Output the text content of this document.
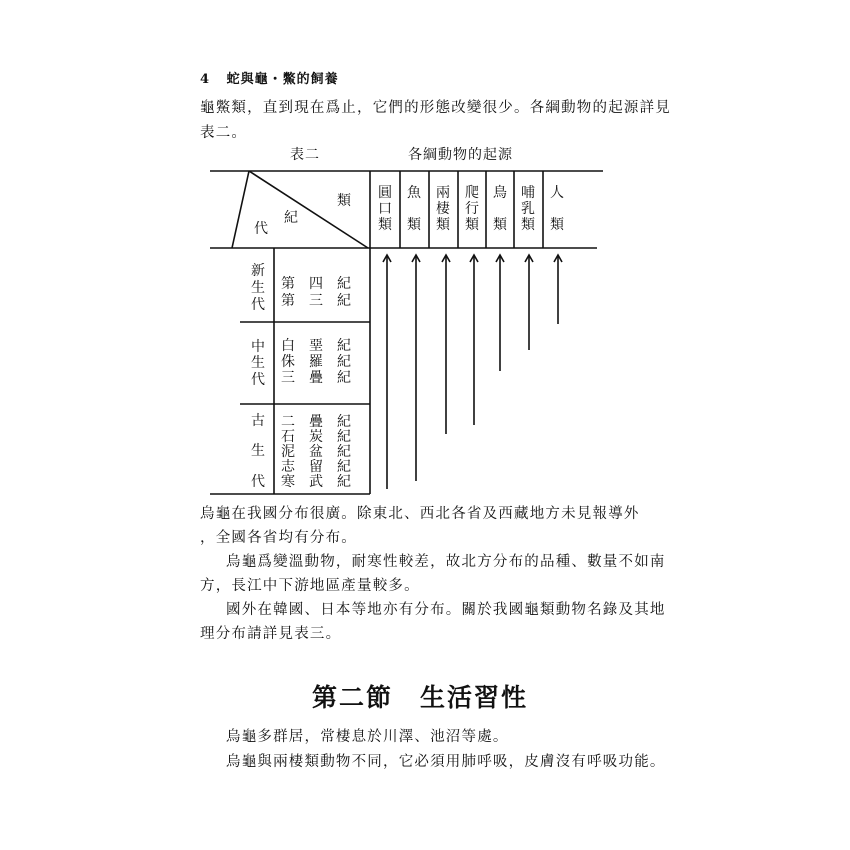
4 蛇與龜・鱉的飼養
龜鱉類，直到現在爲止，它們的形態改變很少。各綱動物的起源詳見
表二。
表二	各綱動物的起源
類
紀
代
圓
口
類
魚
類
兩
棲
類
爬
行
類
鳥
類
哺
乳
類
人
類
新
生
代
中
生
代
古
生
代
第 四 紀
第 三 紀
白 堊 紀
侏 羅 紀
三 疊 紀
二 疊 紀
石 炭 紀
泥 盆 紀
志 留 紀
寒 武 紀
烏龜在我國分布很廣。除東北、西北各省及西藏地方未見報導外
，全國各省均有分布。
烏龜爲變溫動物，耐寒性較差，故北方分布的品種、數量不如南
方，長江中下游地區產量較多。
國外在韓國、日本等地亦有分布。關於我國龜類動物名錄及其地
理分布請詳見表三。
第二節　生活習性
烏龜多群居，常棲息於川澤、池沼等處。
烏龜與兩棲類動物不同，它必須用肺呼吸，皮膚沒有呼吸功能。
